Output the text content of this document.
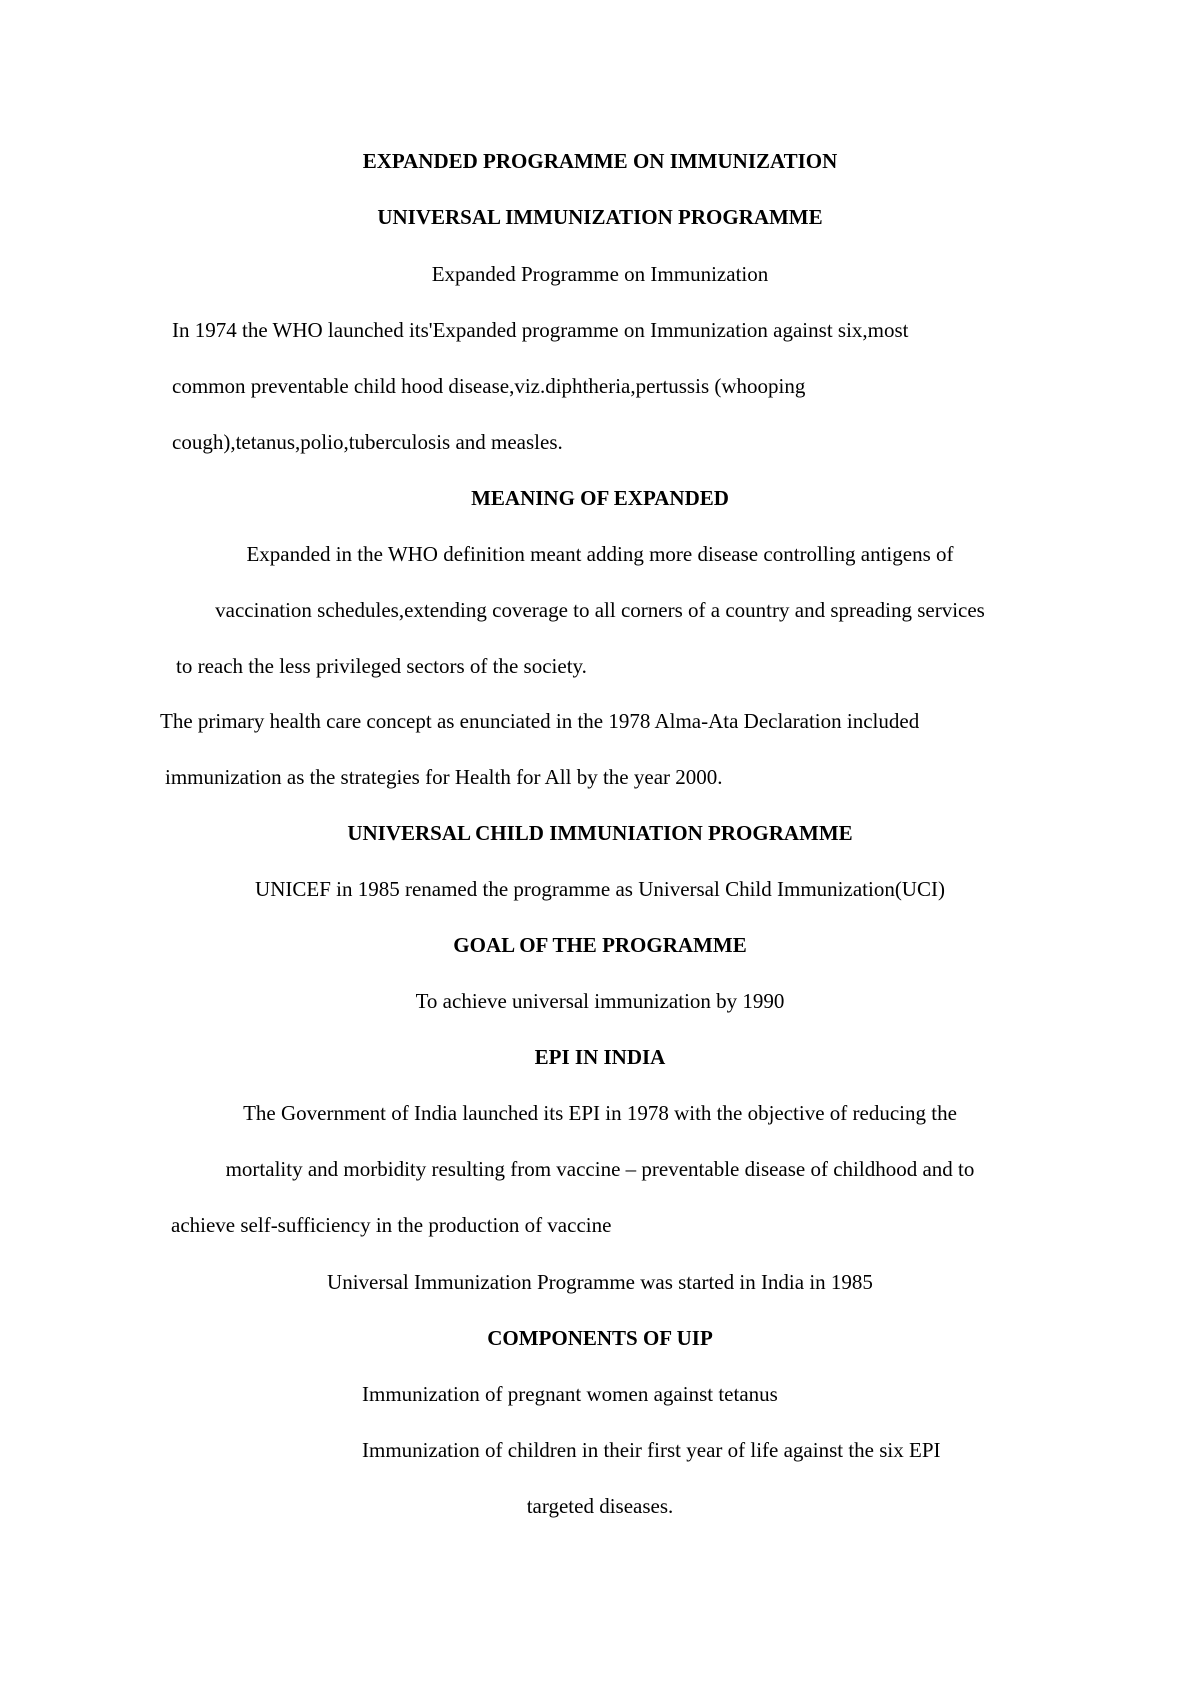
EXPANDED PROGRAMME ON IMMUNIZATION
UNIVERSAL IMMUNIZATION PROGRAMME
Expanded Programme on Immunization
In 1974 the WHO launched its'Expanded programme on Immunization against six,most
common preventable child hood disease,viz.diphtheria,pertussis (whooping
cough),tetanus,polio,tuberculosis and measles.
MEANING OF EXPANDED
Expanded in the WHO definition meant adding more disease controlling antigens of
vaccination schedules,extending coverage to all corners of a country and spreading services
to reach the less privileged sectors of the society.
The primary health care concept as enunciated in the 1978 Alma-Ata Declaration included
immunization as the strategies for Health for All by the year 2000.
UNIVERSAL CHILD IMMUNIATION PROGRAMME
UNICEF in 1985 renamed the programme as Universal Child Immunization(UCI)
GOAL OF THE PROGRAMME
To achieve universal immunization by 1990
EPI IN INDIA
The Government of India launched its EPI in 1978 with the objective of reducing the
mortality and morbidity resulting from vaccine – preventable disease of childhood and to
achieve self-sufficiency in the production of vaccine
Universal Immunization Programme was started in India in 1985
COMPONENTS OF UIP
Immunization of pregnant women against tetanus
Immunization of children in their first year of life against the six EPI
targeted diseases.
